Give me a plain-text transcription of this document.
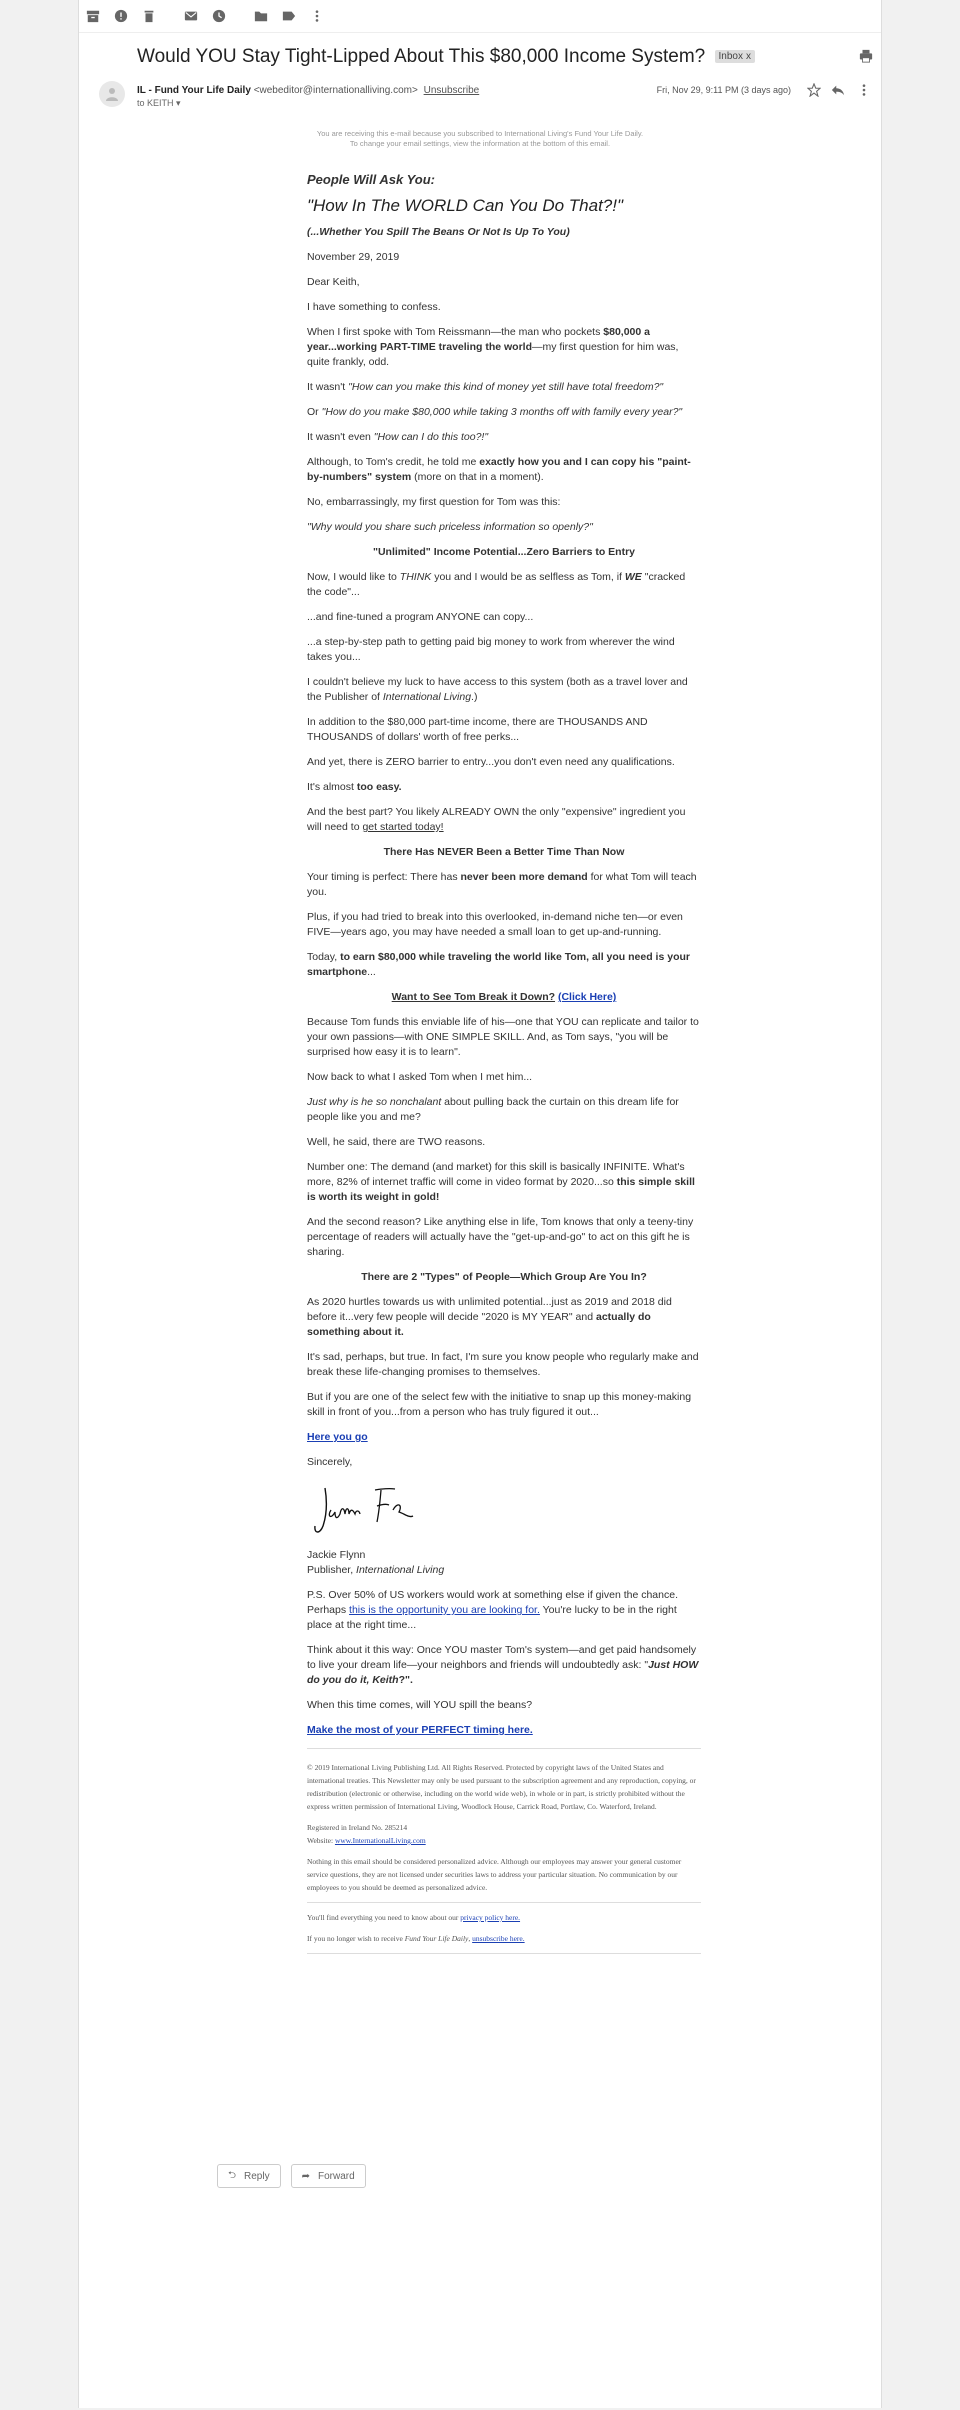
Would YOU Stay Tight-Lipped About This $80,000 Income System? Inbox x
IL - Fund Your Life Daily <webeditor@internationalliving.com> Unsubscribe
to KEITH ▾
Fri, Nov 29, 9:11 PM (3 days ago)
You are receiving this e-mail because you subscribed to International Living's Fund Your Life Daily.
To change your email settings, view the information at the bottom of this email.

People Will Ask You:

"How In The WORLD Can You Do That?!"

(...Whether You Spill The Beans Or Not Is Up To You)

November 29, 2019

Dear Keith,

I have something to confess.

When I first spoke with Tom Reissmann—the man who pockets $80,000 a year...working PART-TIME traveling the world—my first question for him was, quite frankly, odd.

It wasn't "How can you make this kind of money yet still have total freedom?"

Or "How do you make $80,000 while taking 3 months off with family every year?"

It wasn't even "How can I do this too?!"

Although, to Tom's credit, he told me exactly how you and I can copy his "paint-by-numbers" system (more on that in a moment).

No, embarrassingly, my first question for Tom was this:

"Why would you share such priceless information so openly?"

"Unlimited" Income Potential...Zero Barriers to Entry

Now, I would like to THINK you and I would be as selfless as Tom, if WE "cracked the code"...

...and fine-tuned a program ANYONE can copy...

...a step-by-step path to getting paid big money to work from wherever the wind takes you...

I couldn't believe my luck to have access to this system (both as a travel lover and the Publisher of International Living.)

In addition to the $80,000 part-time income, there are THOUSANDS AND THOUSANDS of dollars' worth of free perks...

And yet, there is ZERO barrier to entry...you don't even need any qualifications.

It's almost too easy.

And the best part? You likely ALREADY OWN the only "expensive" ingredient you will need to get started today!

There Has NEVER Been a Better Time Than Now

Your timing is perfect: There has never been more demand for what Tom will teach you.

Plus, if you had tried to break into this overlooked, in-demand niche ten—or even FIVE—years ago, you may have needed a small loan to get up-and-running.

Today, to earn $80,000 while traveling the world like Tom, all you need is your smartphone...

Want to See Tom Break it Down? (Click Here)

Because Tom funds this enviable life of his—one that YOU can replicate and tailor to your own passions—with ONE SIMPLE SKILL. And, as Tom says, "you will be surprised how easy it is to learn".

Now back to what I asked Tom when I met him...

Just why is he so nonchalant about pulling back the curtain on this dream life for people like you and me?

Well, he said, there are TWO reasons.

Number one: The demand (and market) for this skill is basically INFINITE. What's more, 82% of internet traffic will come in video format by 2020...so this simple skill is worth its weight in gold!

And the second reason? Like anything else in life, Tom knows that only a teeny-tiny percentage of readers will actually have the "get-up-and-go" to act on this gift he is sharing.

There are 2 "Types" of People—Which Group Are You In?

As 2020 hurtles towards us with unlimited potential...just as 2019 and 2018 did before it...very few people will decide "2020 is MY YEAR" and actually do something about it.

It's sad, perhaps, but true. In fact, I'm sure you know people who regularly make and break these life-changing promises to themselves.

But if you are one of the select few with the initiative to snap up this money-making skill in front of you...from a person who has truly figured it out...

Here you go

Sincerely,

Jackie Flynn

Publisher, International Living

P.S. Over 50% of US workers would work at something else if given the chance. Perhaps this is the opportunity you are looking for. You're lucky to be in the right place at the right time...

Think about it this way: Once YOU master Tom's system—and get paid handsomely to live your dream life—your neighbors and friends will undoubtedly ask: "Just HOW do you do it, Keith?".

When this time comes, will YOU spill the beans?

Make the most of your PERFECT timing here.

© 2019 International Living Publishing Ltd. All Rights Reserved. Protected by copyright laws of the United States and international treaties. This Newsletter may only be used pursuant to the subscription agreement and any reproduction, copying, or redistribution (electronic or otherwise, including on the world wide web), in whole or in part, is strictly prohibited without the express written permission of International Living, Woodlock House, Carrick Road, Portlaw, Co. Waterford, Ireland.

Registered in Ireland No. 285214

Website: www.InternationalLiving.com

Nothing in this email should be considered personalized advice. Although our employees may answer your general customer service questions, they are not licensed under securities laws to address your particular situation. No communication by our employees to you should be deemed as personalized advice.

You'll find everything you need to know about our privacy policy here.

If you no longer wish to receive Fund Your Life Daily, unsubscribe here.

⮌ Reply	➦ Forward
